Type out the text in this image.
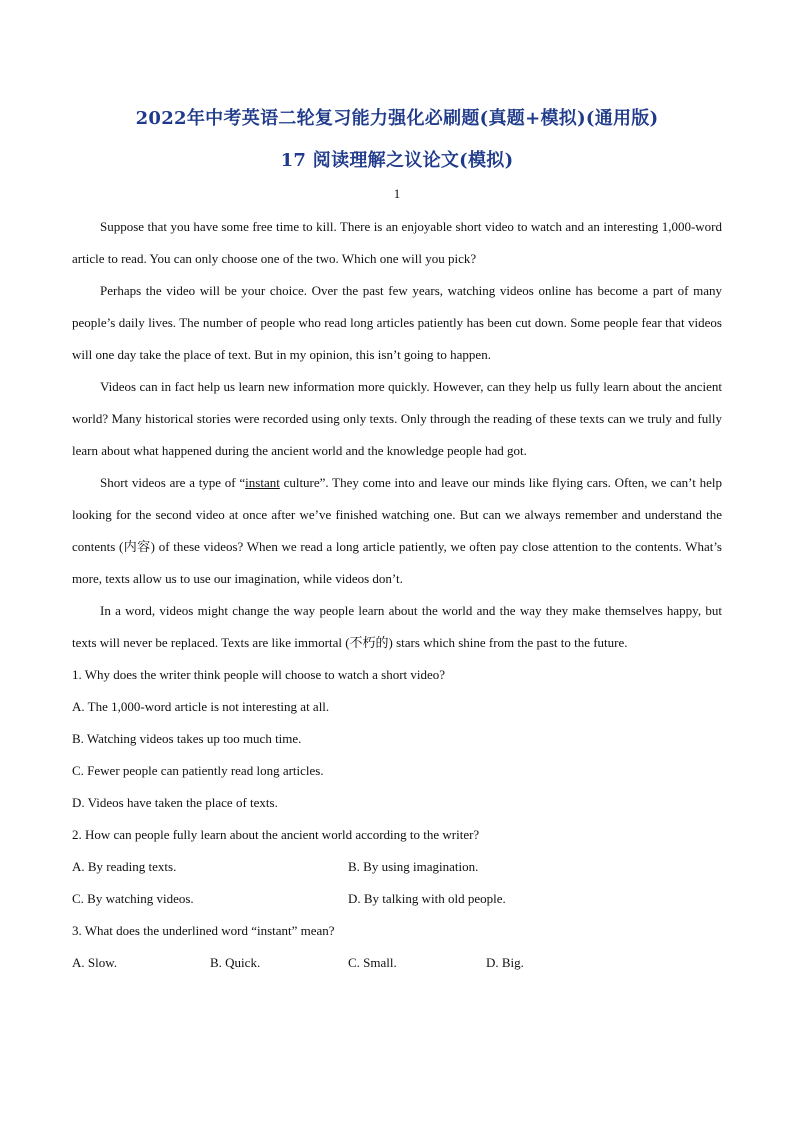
2022年中考英语二轮复习能力强化必刷题(真题+模拟)(通用版)
17 阅读理解之议论文(模拟)
1

Suppose that you have some free time to kill. There is an enjoyable short video to watch and an interesting 1,000-word article to read. You can only choose one of the two. Which one will you pick?

Perhaps the video will be your choice. Over the past few years, watching videos online has become a part of many people’s daily lives. The number of people who read long articles patiently has been cut down. Some people fear that videos will one day take the place of text. But in my opinion, this isn’t going to happen.

Videos can in fact help us learn new information more quickly. However, can they help us fully learn about the ancient world? Many historical stories were recorded using only texts. Only through the reading of these texts can we truly and fully learn about what happened during the ancient world and the knowledge people had got.

Short videos are a type of “instant culture”. They come into and leave our minds like flying cars. Often, we can’t help looking for the second video at once after we’ve finished watching one. But can we always remember and understand the contents (内容) of these videos? When we read a long article patiently, we often pay close attention to the contents. What’s more, texts allow us to use our imagination, while videos don’t.

In a word, videos might change the way people learn about the world and the way they make themselves happy, but texts will never be replaced. Texts are like immortal (不朽的) stars which shine from the past to the future.

1. Why does the writer think people will choose to watch a short video?

A. The 1,000-word article is not interesting at all.

B. Watching videos takes up too much time.

C. Fewer people can patiently read long articles.

D. Videos have taken the place of texts.

2. How can people fully learn about the ancient world according to the writer?

A. By reading texts.	B. By using imagination.
C. By watching videos.	D. By talking with old people.

3. What does the underlined word “instant” mean?

A. Slow.	B. Quick.	C. Small.	D. Big.
